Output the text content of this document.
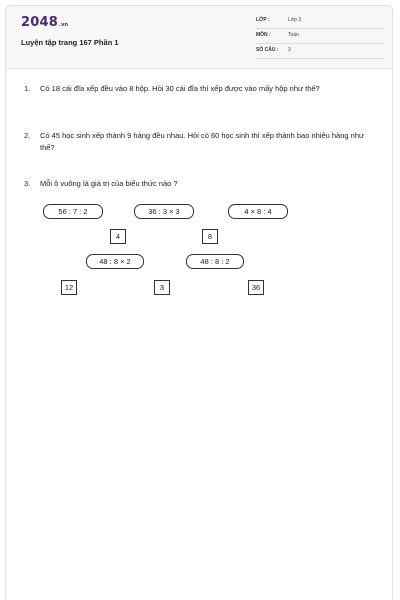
2048.vn
Luyện tập trang 167 Phần 1
LỚP :	Lớp 3
MÔN :	Toán
SỐ CÂU : 3
1. Có 18 cái đĩa xếp đều vào 8 hộp. Hỏi 30 cái đĩa thì xếp được vào mấy hộp như thế?
2. Có 45 học sinh xếp thành 9 hàng đều nhau. Hỏi có 60 học sinh thì xếp thành bao nhiêu hàng như thế?
3. Mỗi ô vuông là giá trị của biểu thức nào ?
56 : 7 : 2	36 : 3 × 3	4 × 8 : 4
4	8
48 : 8 × 2	48 : 8 : 2
12	3	36
